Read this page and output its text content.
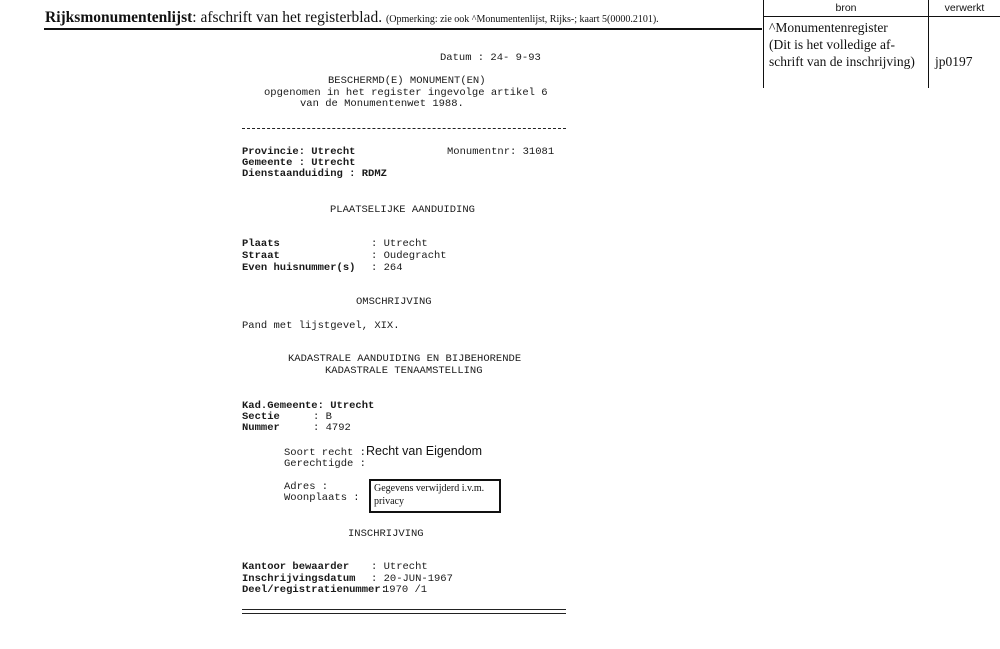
Rijksmonumentenlijst: afschrift van het registerblad. (Opmerking: zie ook ^Monumentenlijst, Rijks-; kaart 5(0000.2101).
bron	verwerkt
^Monumentenregister
(Dit is het volledige af-
schrift van de inschrijving) jp0197
Datum : 24- 9-93
BESCHERMD(E) MONUMENT(EN)
opgenomen in het register ingevolge artikel 6
van de Monumentenwet 1988.
Provincie: Utrecht	Monumentnr: 31081
Gemeente : Utrecht
Dienstaanduiding : RDMZ
PLAATSELIJKE AANDUIDING
Plaats	: Utrecht
Straat	: Oudegracht
Even huisnummer(s) : 264
OMSCHRIJVING
Pand met lijstgevel, XIX.
KADASTRALE AANDUIDING EN BIJBEHORENDE
KADASTRALE TENAAMSTELLING
Kad.Gemeente: Utrecht
Sectie	: B
Nummer	: 4792
Soort recht : Recht van Eigendom
Gerechtigde :
Adres :
Woonplaats :
Gegevens verwijderd i.v.m. privacy
INSCHRIJVING
Kantoor bewaarder : Utrecht
Inschrijvingsdatum : 20-JUN-1967
Deel/registratienummer:
1970 /1
